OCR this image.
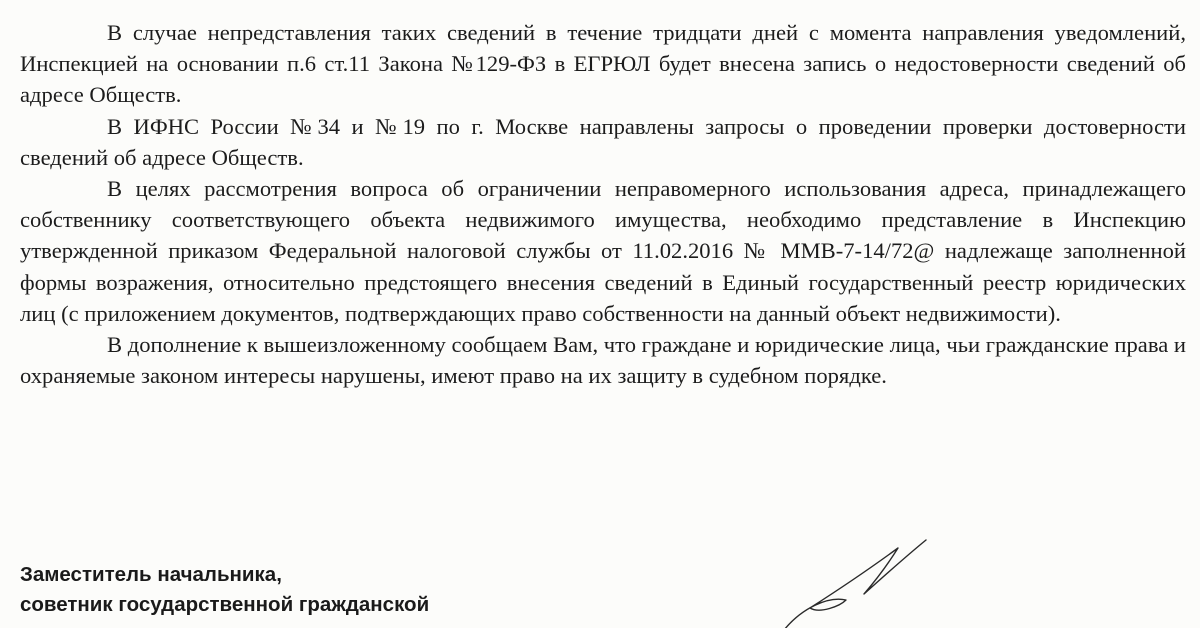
В случае непредставления таких сведений в течение тридцати дней с момента направления уведомлений, Инспекцией на основании п.6 ст.11 Закона №129-ФЗ в ЕГРЮЛ будет внесена запись о недостоверности сведений об адресе Обществ.

В ИФНС России №34 и №19 по г. Москве направлены запросы о проведении проверки достоверности сведений об адресе Обществ.

В целях рассмотрения вопроса об ограничении неправомерного использования адреса, принадлежащего собственнику соответствующего объекта недвижимого имущества, необходимо представление в Инспекцию утвержденной приказом Федеральной налоговой службы от 11.02.2016 № ММВ-7-14/72@ надлежаще заполненной формы возражения, относительно предстоящего внесения сведений в Единый государственный реестр юридических лиц (с приложением документов, подтверждающих право собственности на данный объект недвижимости).

В дополнение к вышеизложенному сообщаем Вам, что граждане и юридические лица, чьи гражданские права и охраняемые законом интересы нарушены, имеют право на их защиту в судебном порядке.

Заместитель начальника,
советник государственной гражданской
